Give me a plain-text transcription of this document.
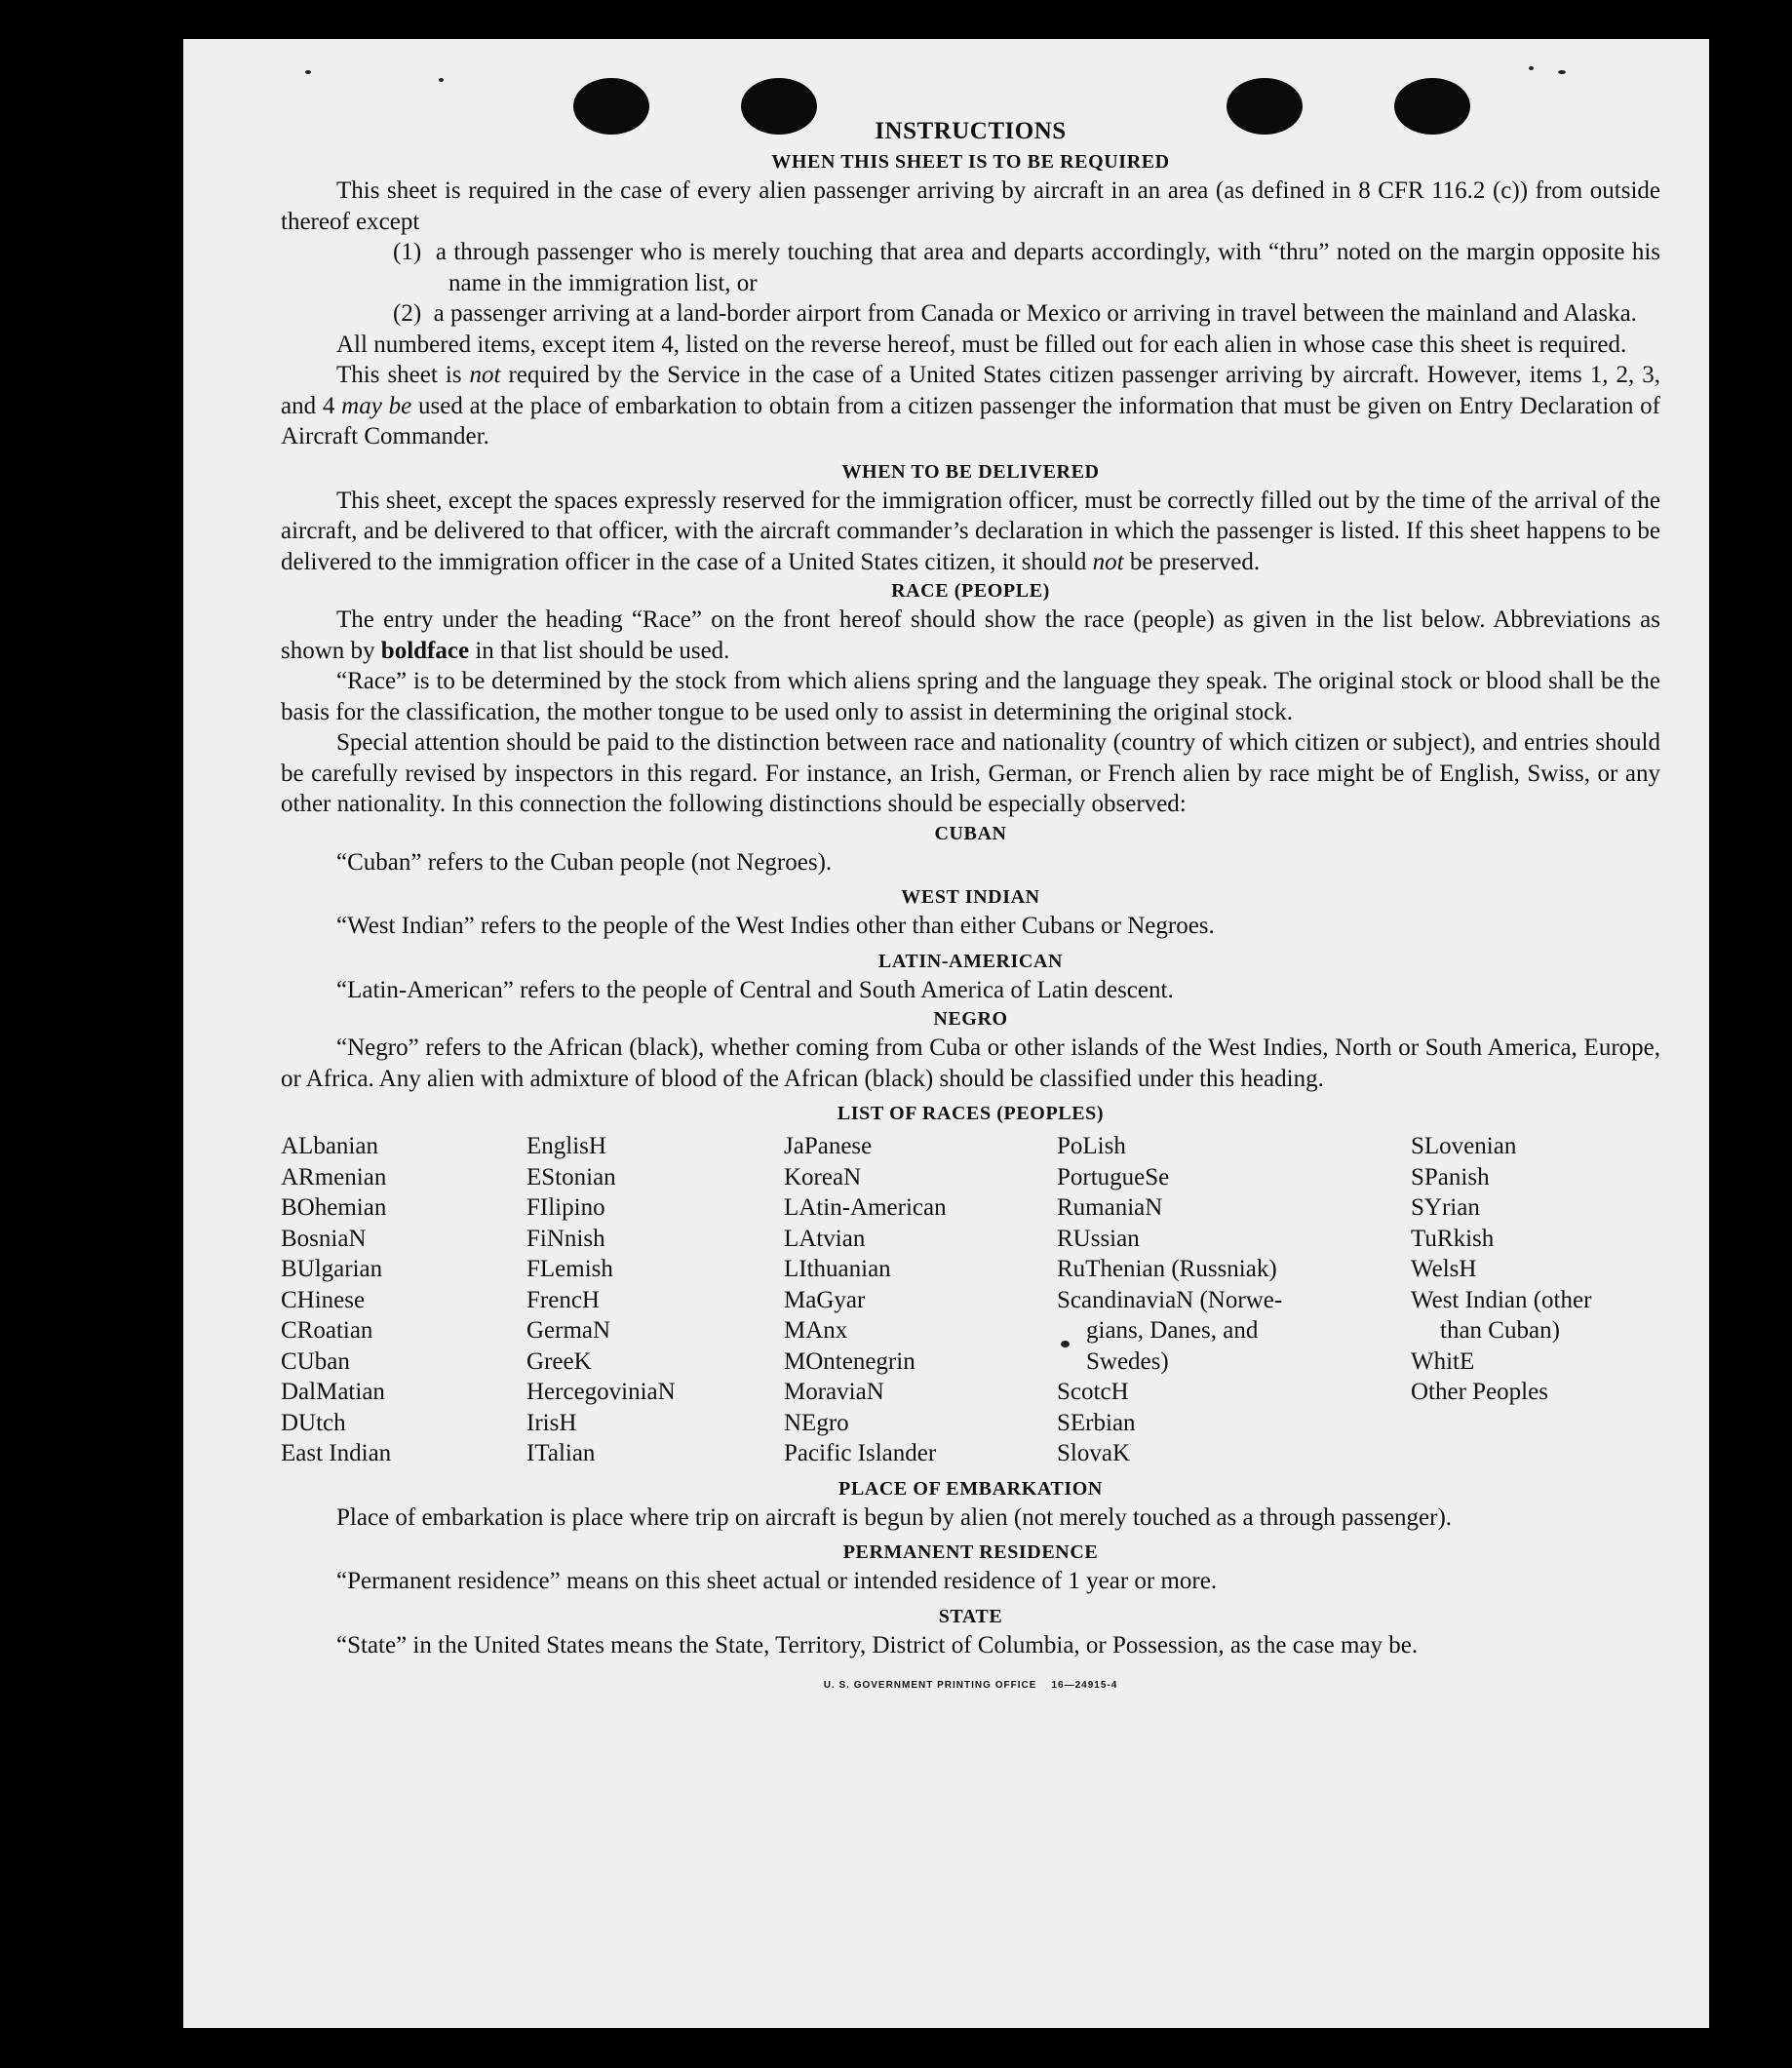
INSTRUCTIONS
WHEN THIS SHEET IS TO BE REQUIRED

This sheet is required in the case of every alien passenger arriving by aircraft in an area (as defined in 8 CFR 116.2 (c)) from outside thereof except

(1) a through passenger who is merely touching that area and departs accordingly, with “thru” noted on the margin opposite his name in the immigration list, or

(2) a passenger arriving at a land-border airport from Canada or Mexico or arriving in travel between the mainland and Alaska.

All numbered items, except item 4, listed on the reverse hereof, must be filled out for each alien in whose case this sheet is required.

This sheet is not required by the Service in the case of a United States citizen passenger arriving by aircraft. However, items 1, 2, 3, and 4 may be used at the place of embarkation to obtain from a citizen passenger the information that must be given on Entry Declaration of Aircraft Commander.

WHEN TO BE DELIVERED

This sheet, except the spaces expressly reserved for the immigration officer, must be correctly filled out by the time of the arrival of the aircraft, and be delivered to that officer, with the aircraft commander’s declaration in which the passenger is listed. If this sheet happens to be delivered to the immigration officer in the case of a United States citizen, it should not be preserved.

RACE (PEOPLE)

The entry under the heading “Race” on the front hereof should show the race (people) as given in the list below. Abbreviations as shown by boldface in that list should be used.

“Race” is to be determined by the stock from which aliens spring and the language they speak. The original stock or blood shall be the basis for the classification, the mother tongue to be used only to assist in determining the original stock.

Special attention should be paid to the distinction between race and nationality (country of which citizen or subject), and entries should be carefully revised by inspectors in this regard. For instance, an Irish, German, or French alien by race might be of English, Swiss, or any other nationality. In this connection the following distinctions should be especially observed:

CUBAN

“Cuban” refers to the Cuban people (not Negroes).

WEST INDIAN

“West Indian” refers to the people of the West Indies other than either Cubans or Negroes.

LATIN-AMERICAN

“Latin-American” refers to the people of Central and South America of Latin descent.

NEGRO

“Negro” refers to the African (black), whether coming from Cuba or other islands of the West Indies, North or South America, Europe, or Africa. Any alien with admixture of blood of the African (black) should be classified under this heading.

LIST OF RACES (PEOPLES)
ALbanian
ARmenian
BOhemian
BosniaN
BUlgarian
CHinese
CRoatian
CUban
DalMatian
DUtch
East Indian
EnglisH
EStonian
FIlipino
FiNnish
FLemish
FrencH
GermaN
GreeK
HercegoviniaN
IrisH
ITalian
JaPanese
KoreaN
LAtin-American
LAtvian
LIthuanian
MaGyar
MAnx
MOntenegrin
MoraviaN
NEgro
Pacific Islander
PoLish
PortugueSe
RumaniaN
RUssian
RuThenian (Russniak)
ScandinaviaN (Norwe-
gians, Danes, and
Swedes)
ScotcH
SErbian
SlovaK
SLovenian
SPanish
SYrian
TuRkish
WelsH
West Indian (other
than Cuban)
WhitE
Other Peoples
PLACE OF EMBARKATION

Place of embarkation is place where trip on aircraft is begun by alien (not merely touched as a through passenger).

PERMANENT RESIDENCE

“Permanent residence” means on this sheet actual or intended residence of 1 year or more.

STATE

“State” in the United States means the State, Territory, District of Columbia, or Possession, as the case may be.

U. S. GOVERNMENT PRINTING OFFICE    16—24915-4
